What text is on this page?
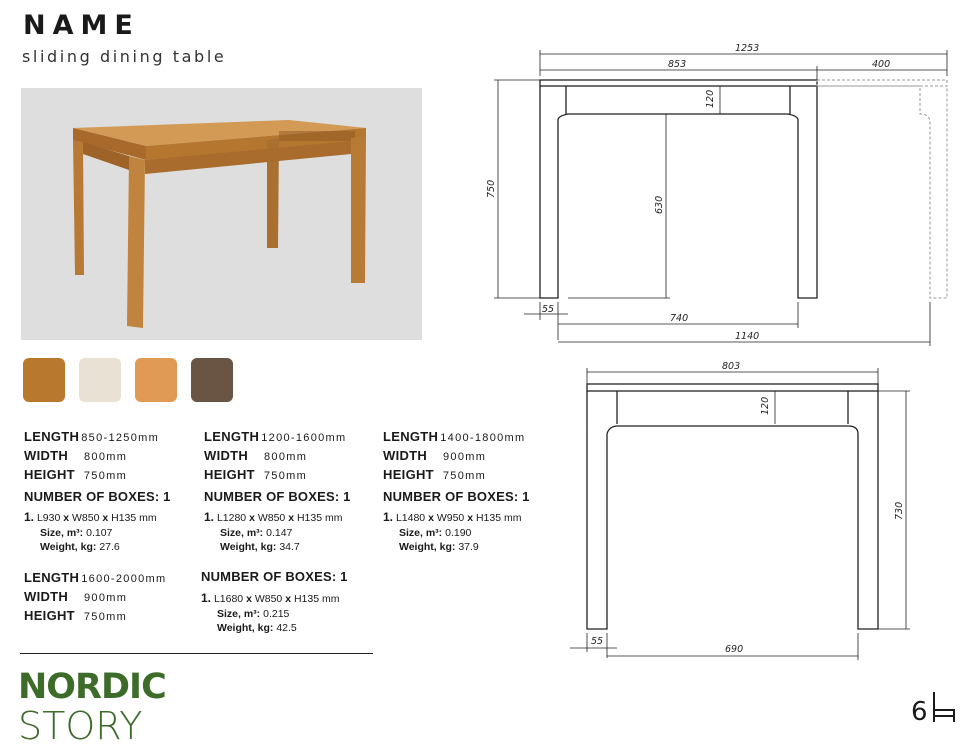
NAME
sliding dining table
LENGTH 850-1250mm
WIDTH 800mm
HEIGHT 750mm
NUMBER OF BOXES: 1
1. L930 x W850 x H135 mm
Size, m³: 0.107
Weight, kg: 27.6
LENGTH 1200-1600mm
WIDTH 800mm
HEIGHT 750mm
NUMBER OF BOXES: 1
1. L1280 x W850 x H135 mm
Size, m³: 0.147
Weight, kg: 34.7
LENGTH 1400-1800mm
WIDTH 900mm
HEIGHT 750mm
NUMBER OF BOXES: 1
1. L1480 x W950 x H135 mm
Size, m³: 0.190
Weight, kg: 37.9
LENGTH 1600-2000mm
WIDTH 900mm
HEIGHT 750mm
NUMBER OF BOXES: 1
1. L1680 x W850 x H135 mm
Size, m³: 0.215
Weight, kg: 42.5
NORDIC
STORY	6
1253
853	400
120
750
630
55
740
1140
803
120
730
55
690
